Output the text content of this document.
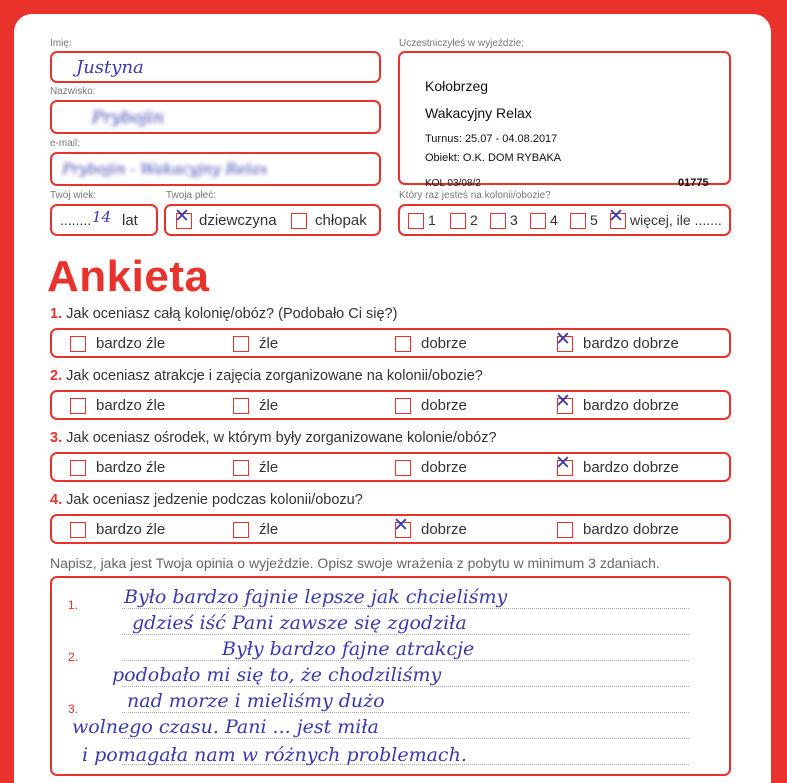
Imię:
Justyna
Nazwisko:
Prybojin
e-mail:
Prybojin - Wakacyjny Relax
Twój wiek:
........ 14 lat
Twoja płeć:
✕ dziewczyna	chłopak
Uczestniczyłeś w wyjeździe:
Kołobrzeg
Wakacyjny Relax
Turnus: 25.07 - 04.08.2017
Obiekt: O.K. DOM RYBAKA
KOL 03/08/2	01775
Który raz jesteś na kolonii/obozie?
1 2 3 4 5 ✕ więcej, ile .......
Ankieta
1. Jak oceniasz całą kolonię/obóz? (Podobało Ci się?)
bardzo źle	źle	dobrze	✕ bardzo dobrze
2. Jak oceniasz atrakcje i zajęcia zorganizowane na kolonii/obozie?
bardzo źle	źle	dobrze	✕ bardzo dobrze
3. Jak oceniasz ośrodek, w którym były zorganizowane kolonie/obóz?
bardzo źle	źle	dobrze	✕ bardzo dobrze
4. Jak oceniasz jedzenie podczas kolonii/obozu?
bardzo źle	źle	✕ dobrze	bardzo dobrze
Napisz, jaka jest Twoja opinia o wyjeździe. Opisz swoje wrażenia z pobytu w minimum 3 zdaniach.
1.
2.
3.
Było bardzo fajnie lepsze jak chcieliśmy
gdzieś iść Pani zawsze się zgodziła
Były bardzo fajne atrakcje
podobało mi się to, że chodziliśmy
nad morze i mieliśmy dużo
wolnego czasu. Pani ... jest miła
i pomagała nam w różnych problemach.
